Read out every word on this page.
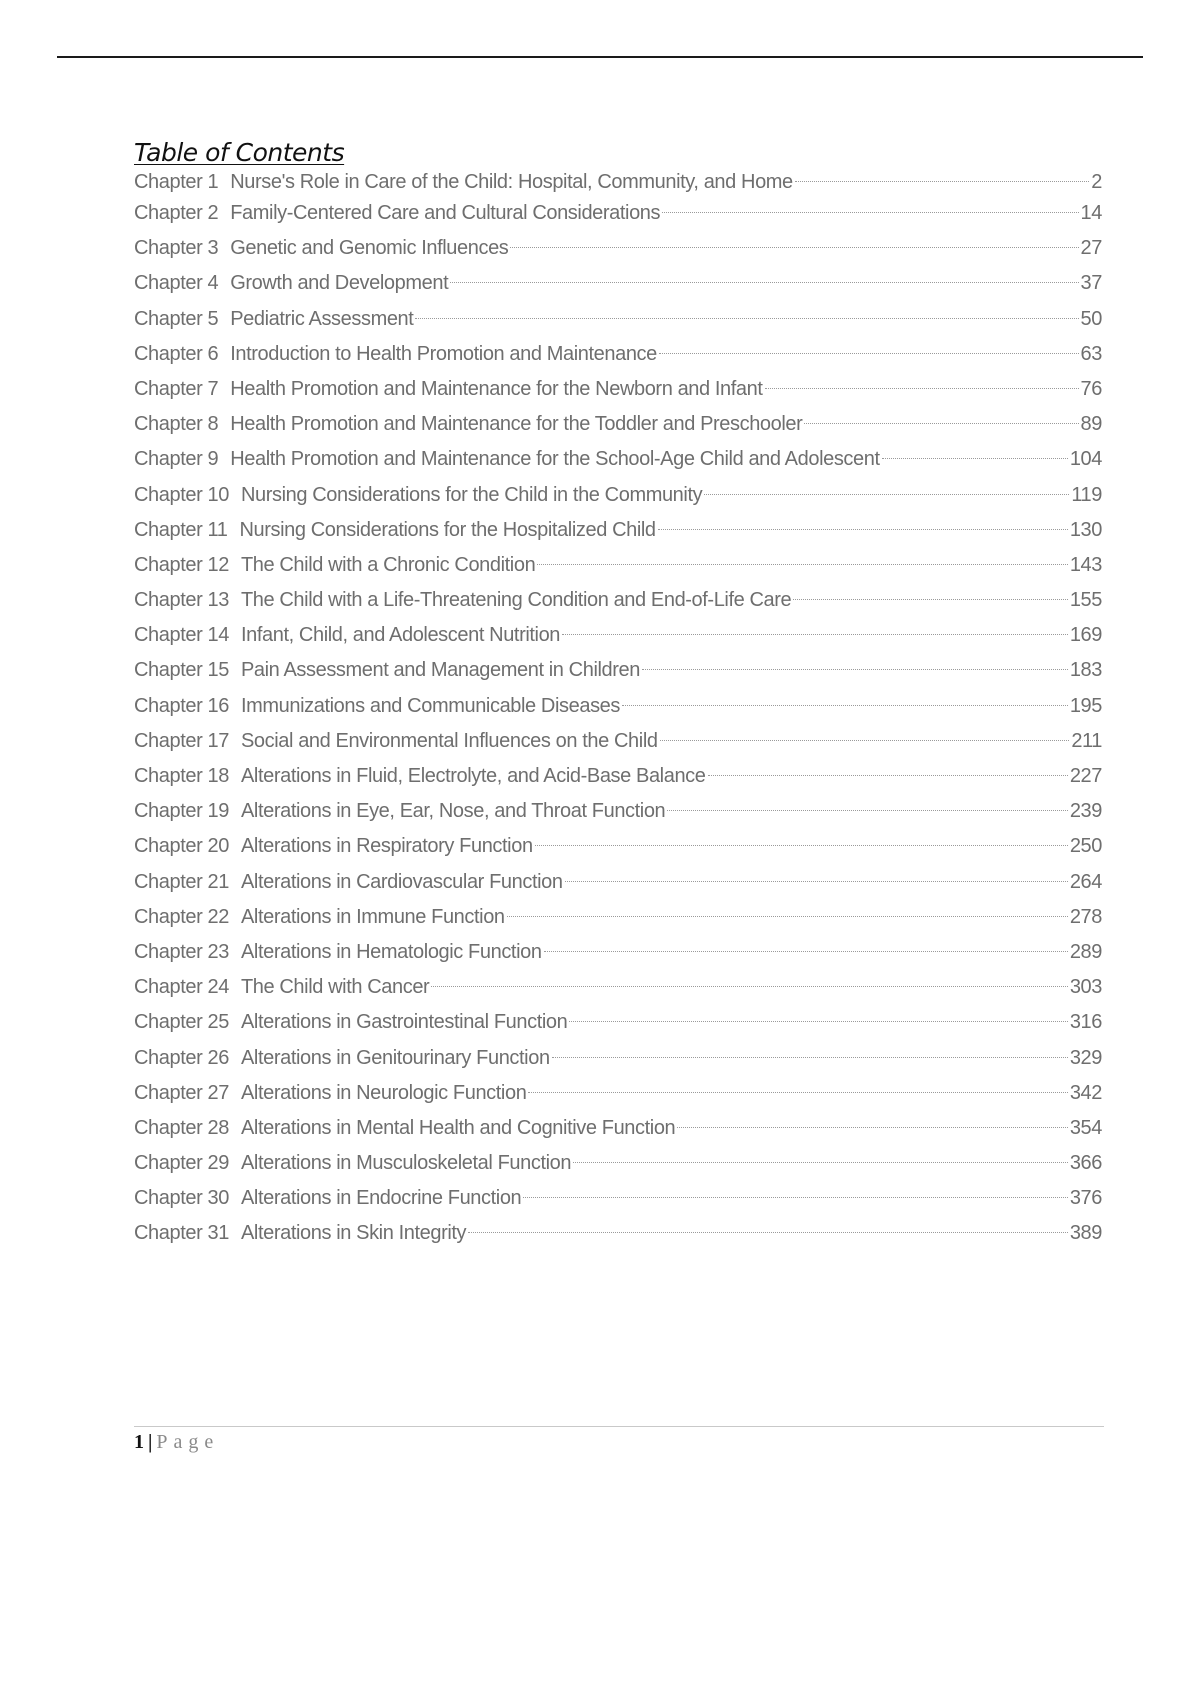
Table of Contents
Chapter 1 Nurse's Role in Care of the Child: Hospital, Community, and Home	2
Chapter 2 Family-Centered Care and Cultural Considerations	14
Chapter 3 Genetic and Genomic Influences	27
Chapter 4 Growth and Development	37
Chapter 5 Pediatric Assessment	50
Chapter 6 Introduction to Health Promotion and Maintenance	63
Chapter 7 Health Promotion and Maintenance for the Newborn and Infant	76
Chapter 8 Health Promotion and Maintenance for the Toddler and Preschooler	89
Chapter 9 Health Promotion and Maintenance for the School-Age Child and Adolescent	104
Chapter 10 Nursing Considerations for the Child in the Community	119
Chapter 11 Nursing Considerations for the Hospitalized Child	130
Chapter 12 The Child with a Chronic Condition	143
Chapter 13 The Child with a Life-Threatening Condition and End-of-Life Care	155
Chapter 14 Infant, Child, and Adolescent Nutrition	169
Chapter 15 Pain Assessment and Management in Children	183
Chapter 16 Immunizations and Communicable Diseases	195
Chapter 17 Social and Environmental Influences on the Child	211
Chapter 18 Alterations in Fluid, Electrolyte, and Acid-Base Balance	227
Chapter 19 Alterations in Eye, Ear, Nose, and Throat Function	239
Chapter 20 Alterations in Respiratory Function	250
Chapter 21 Alterations in Cardiovascular Function	264
Chapter 22 Alterations in Immune Function	278
Chapter 23 Alterations in Hematologic Function	289
Chapter 24 The Child with Cancer	303
Chapter 25 Alterations in Gastrointestinal Function	316
Chapter 26 Alterations in Genitourinary Function	329
Chapter 27 Alterations in Neurologic Function	342
Chapter 28 Alterations in Mental Health and Cognitive Function	354
Chapter 29 Alterations in Musculoskeletal Function	366
Chapter 30 Alterations in Endocrine Function	376
Chapter 31 Alterations in Skin Integrity	389
1 | Page
